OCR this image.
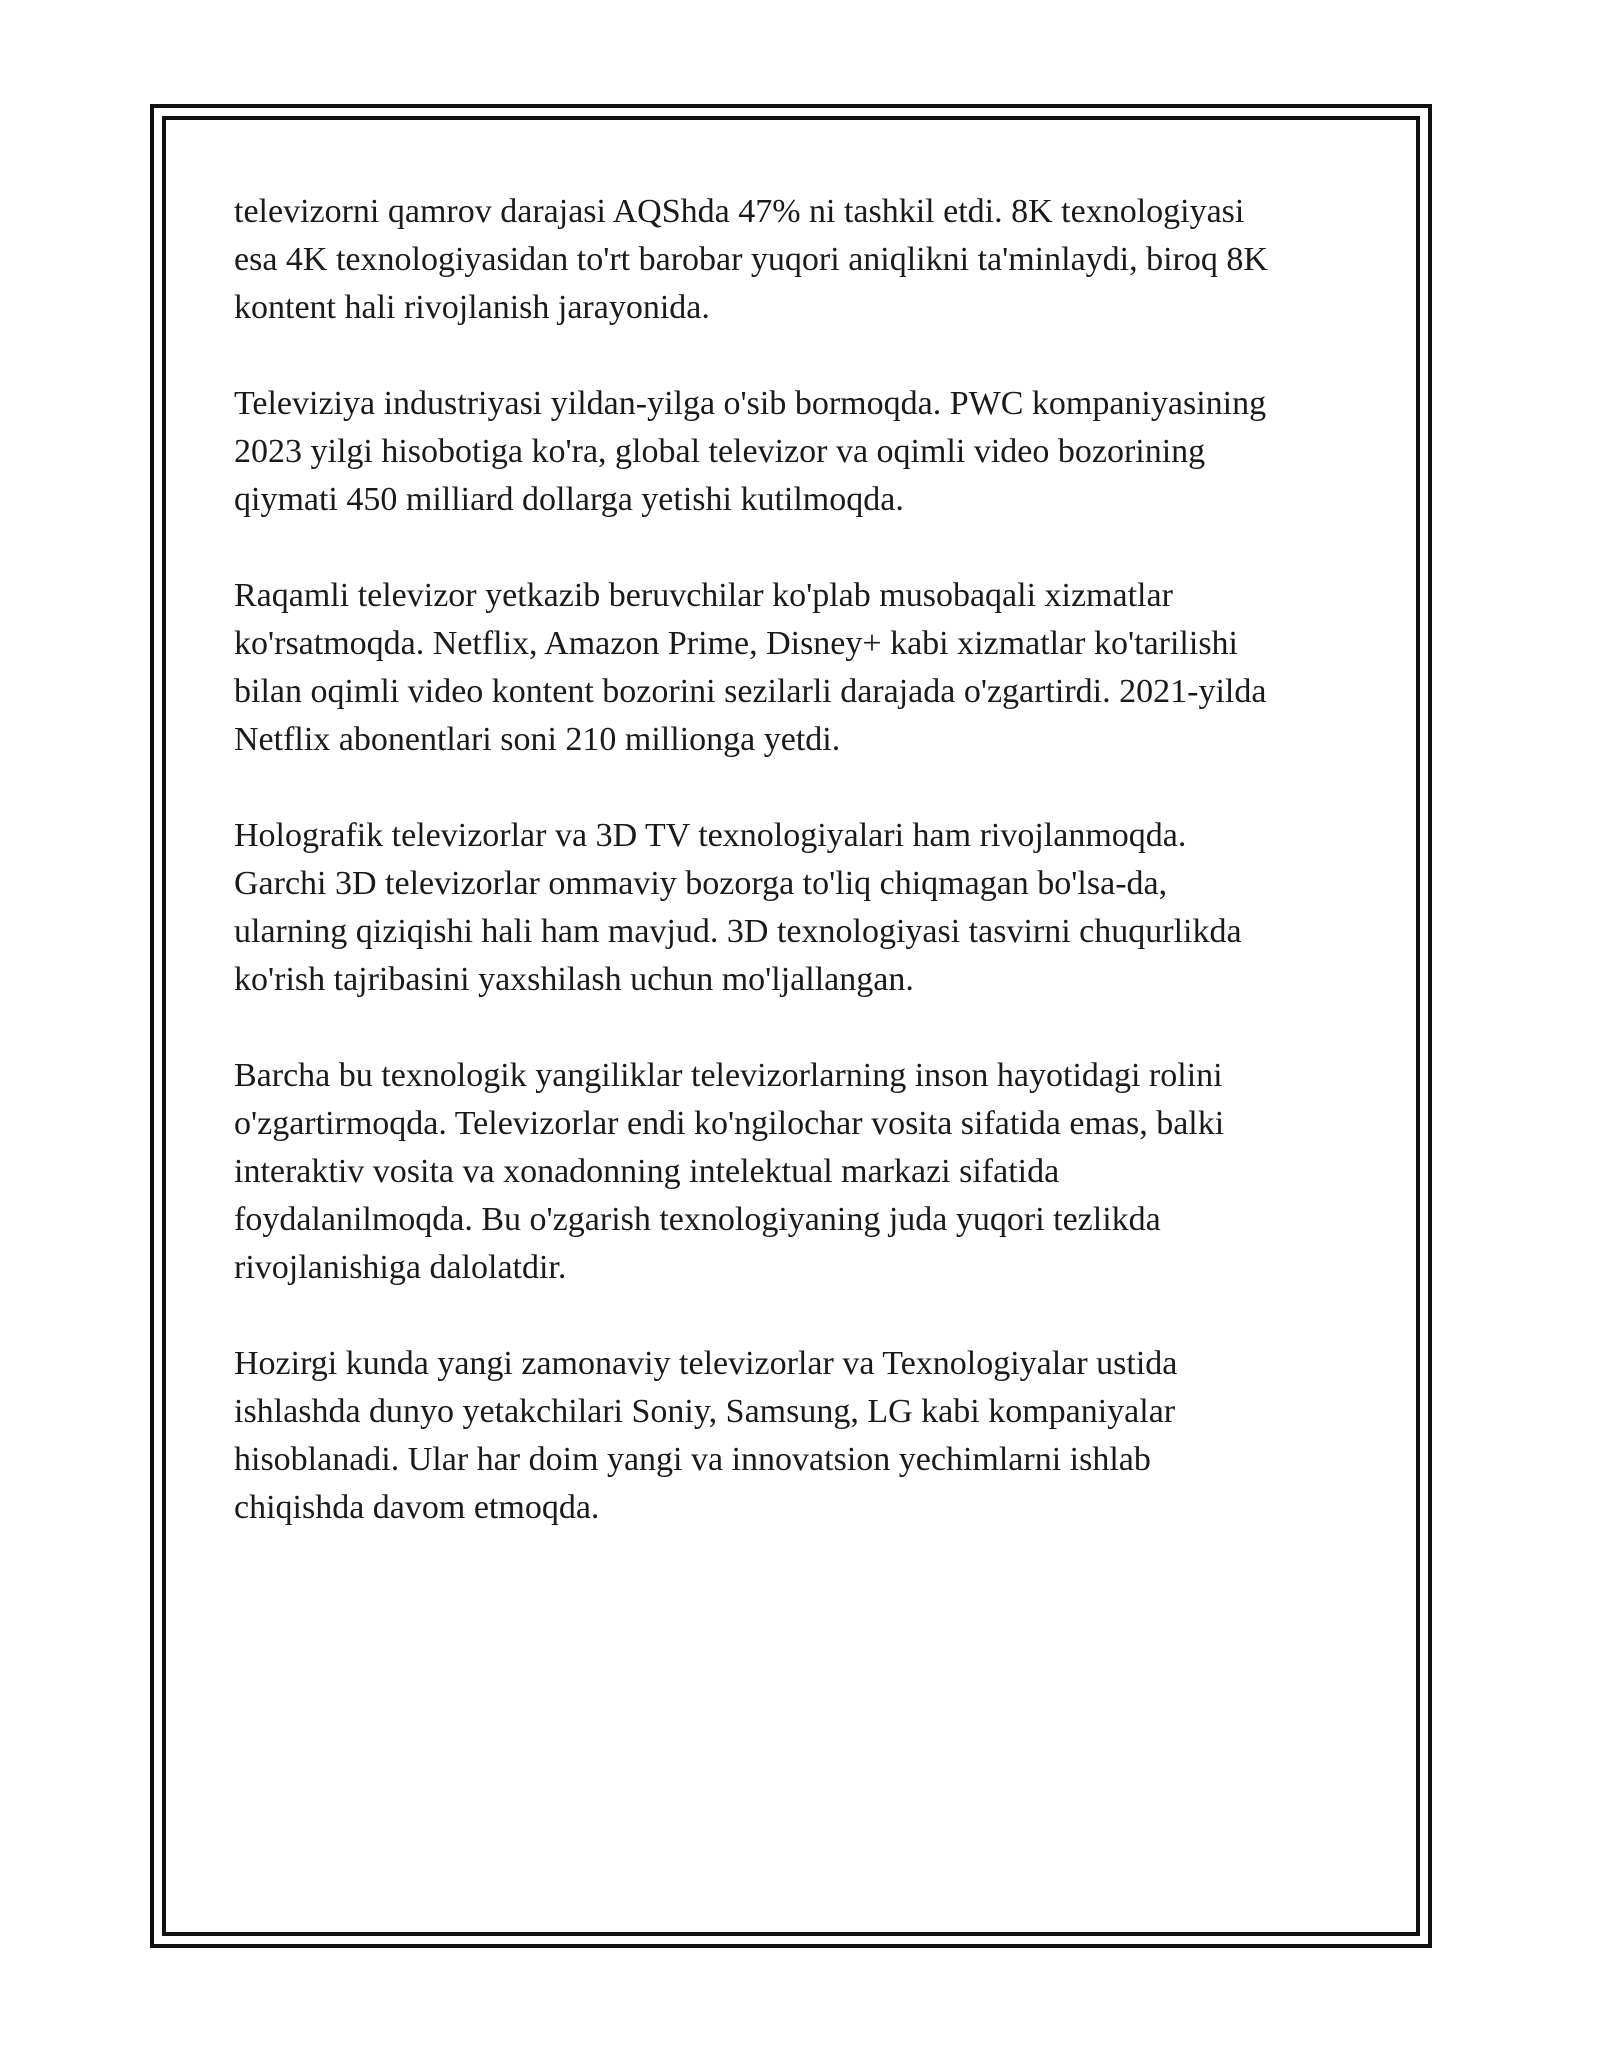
televizorni qamrov darajasi AQShda 47% ni tashkil etdi. 8K texnologiyasi
esa 4K texnologiyasidan to'rt barobar yuqori aniqlikni ta'minlaydi, biroq 8K
kontent hali rivojlanish jarayonida.

Televiziya industriyasi yildan-yilga o'sib bormoqda. PWC kompaniyasining
2023 yilgi hisobotiga ko'ra, global televizor va oqimli video bozorining
qiymati 450 milliard dollarga yetishi kutilmoqda.

Raqamli televizor yetkazib beruvchilar ko'plab musobaqali xizmatlar
ko'rsatmoqda. Netflix, Amazon Prime, Disney+ kabi xizmatlar ko'tarilishi
bilan oqimli video kontent bozorini sezilarli darajada o'zgartirdi. 2021-yilda
Netflix abonentlari soni 210 millionga yetdi.

Holografik televizorlar va 3D TV texnologiyalari ham rivojlanmoqda.
Garchi 3D televizorlar ommaviy bozorga to'liq chiqmagan bo'lsa-da,
ularning qiziqishi hali ham mavjud. 3D texnologiyasi tasvirni chuqurlikda
ko'rish tajribasini yaxshilash uchun mo'ljallangan.

Barcha bu texnologik yangiliklar televizorlarning inson hayotidagi rolini
o'zgartirmoqda. Televizorlar endi ko'ngilochar vosita sifatida emas, balki
interaktiv vosita va xonadonning intelektual markazi sifatida
foydalanilmoqda. Bu o'zgarish texnologiyaning juda yuqori tezlikda
rivojlanishiga dalolatdir.

Hozirgi kunda yangi zamonaviy televizorlar va Texnologiyalar ustida
ishlashda dunyo yetakchilari Soniy, Samsung, LG kabi kompaniyalar
hisoblanadi. Ular har doim yangi va innovatsion yechimlarni ishlab
chiqishda davom etmoqda.
